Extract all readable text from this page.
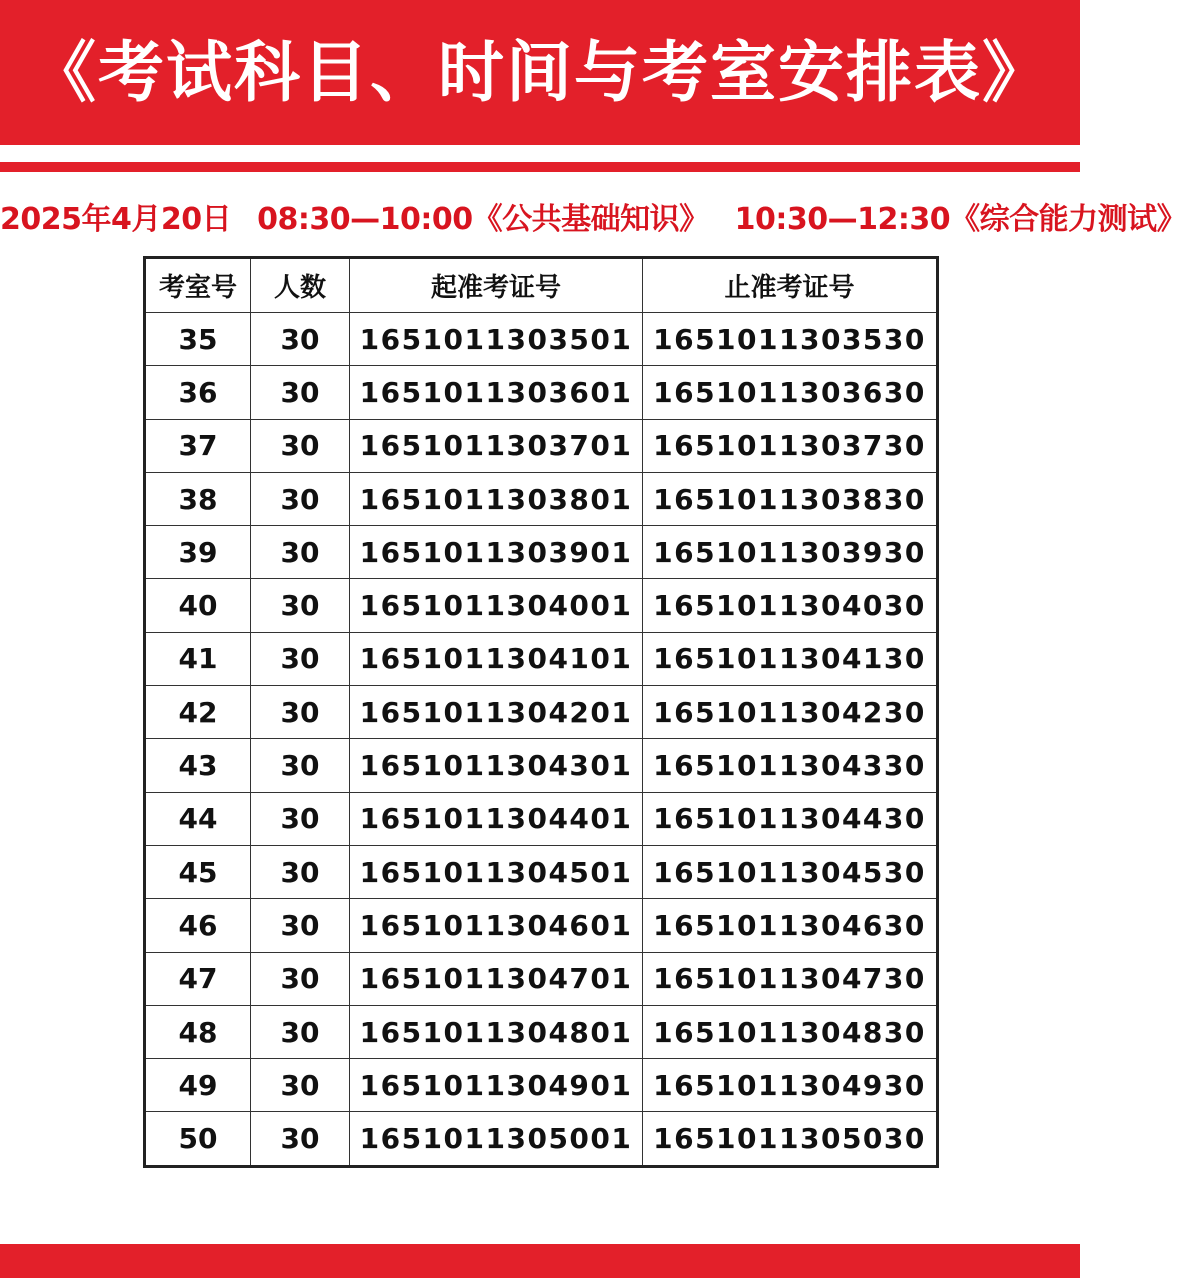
《考试科目、时间与考室安排表》
2025年4月20日 08:30—10:00《公共基础知识》 10:30—12:30《综合能力测试》
考室号	人数	起准考证号	止准考证号
35	30	1651011303501	1651011303530
36	30	1651011303601	1651011303630
37	30	1651011303701	1651011303730
38	30	1651011303801	1651011303830
39	30	1651011303901	1651011303930
40	30	1651011304001	1651011304030
41	30	1651011304101	1651011304130
42	30	1651011304201	1651011304230
43	30	1651011304301	1651011304330
44	30	1651011304401	1651011304430
45	30	1651011304501	1651011304530
46	30	1651011304601	1651011304630
47	30	1651011304701	1651011304730
48	30	1651011304801	1651011304830
49	30	1651011304901	1651011304930
50	30	1651011305001	1651011305030
